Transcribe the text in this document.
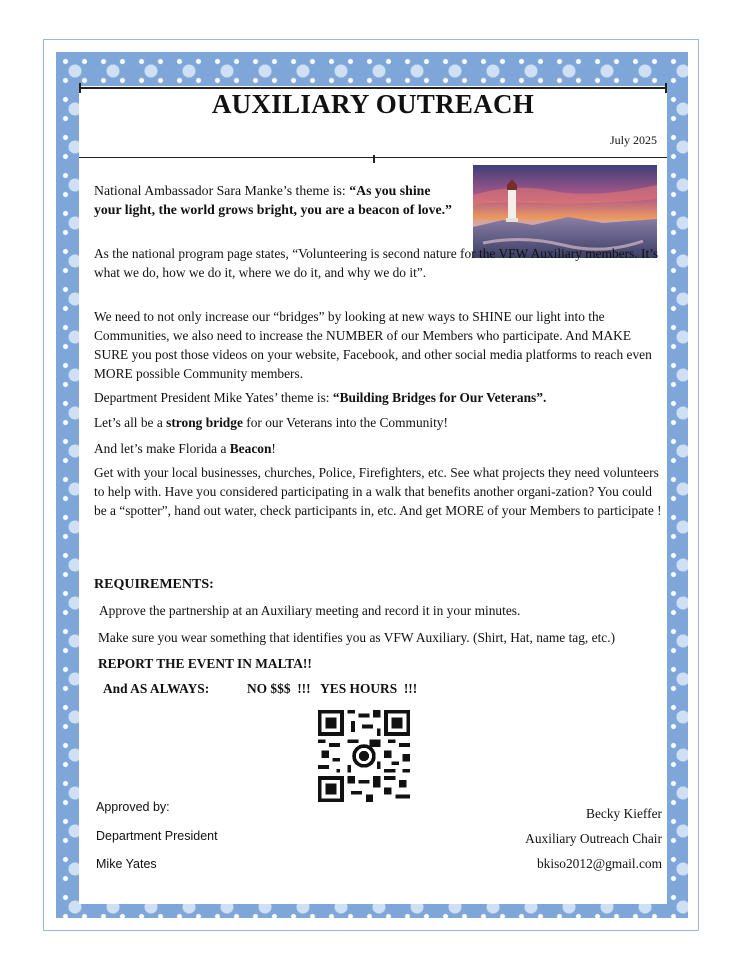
AUXILIARY OUTREACH
July 2025

National Ambassador Sara Manke’s theme is: “As you shine your light, the world grows bright, you are a beacon of love.”

As the national program page states, “Volunteering is second nature for the VFW Auxiliary members. It’s what we do, how we do it, where we do it, and why we do it”.

We need to not only increase our “bridges” by looking at new ways to SHINE our light into the Communities, we also need to increase the NUMBER of our Members who participate. And MAKE SURE you post those videos on your website, Facebook, and other social media platforms to reach even MORE possible Community members.

Department President Mike Yates’ theme is: “Building Bridges for Our Veterans”.

Let’s all be a strong bridge for our Veterans into the Community!

And let’s make Florida a Beacon!

Get with your local businesses, churches, Police, Firefighters, etc. See what projects they need volunteers to help with. Have you considered participating in a walk that benefits another organi-zation? You could be a “spotter”, hand out water, check participants in, etc. And get MORE of your Members to participate !

REQUIREMENTS:
Approve the partnership at an Auxiliary meeting and record it in your minutes.
Make sure you wear something that identifies you as VFW Auxiliary. (Shirt, Hat, name tag, etc.)
REPORT THE EVENT IN MALTA!!
And AS ALWAYS:	NO $$$  !!!   YES HOURS  !!!
Approved by:
Department President
Mike Yates
Becky Kieffer
Auxiliary Outreach Chair
bkiso2012@gmail.com
